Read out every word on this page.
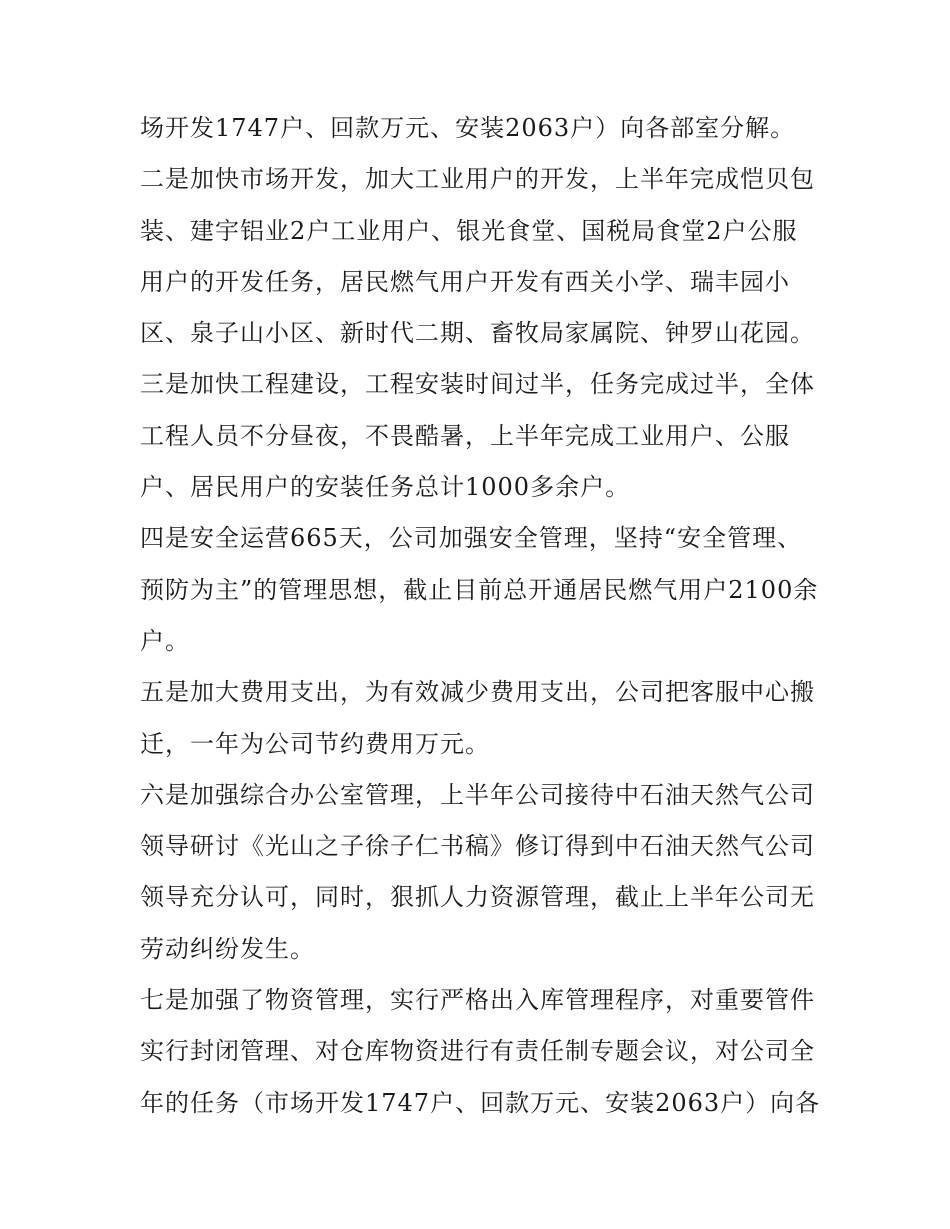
场开发1747户、回款万元、安装2063户）向各部室分解。
二是加快市场开发，加大工业用户的开发，上半年完成恺贝包
装、建宇铝业2户工业用户、银光食堂、国税局食堂2户公服
用户的开发任务，居民燃气用户开发有西关小学、瑞丰园小
区、泉子山小区、新时代二期、畜牧局家属院、钟罗山花园。
三是加快工程建设，工程安装时间过半，任务完成过半，全体
工程人员不分昼夜，不畏酷暑，上半年完成工业用户、公服
户、居民用户的安装任务总计1000多余户。
四是安全运营665天，公司加强安全管理，坚持“安全管理、
预防为主”的管理思想，截止目前总开通居民燃气用户2100余
户。
五是加大费用支出，为有效减少费用支出，公司把客服中心搬
迁，一年为公司节约费用万元。
六是加强综合办公室管理，上半年公司接待中石油天然气公司
领导研讨《光山之子徐子仁书稿》修订得到中石油天然气公司
领导充分认可，同时，狠抓人力资源管理，截止上半年公司无
劳动纠纷发生。
七是加强了物资管理，实行严格出入库管理程序，对重要管件
实行封闭管理、对仓库物资进行有责任制专题会议，对公司全
年的任务（市场开发1747户、回款万元、安装2063户）向各
